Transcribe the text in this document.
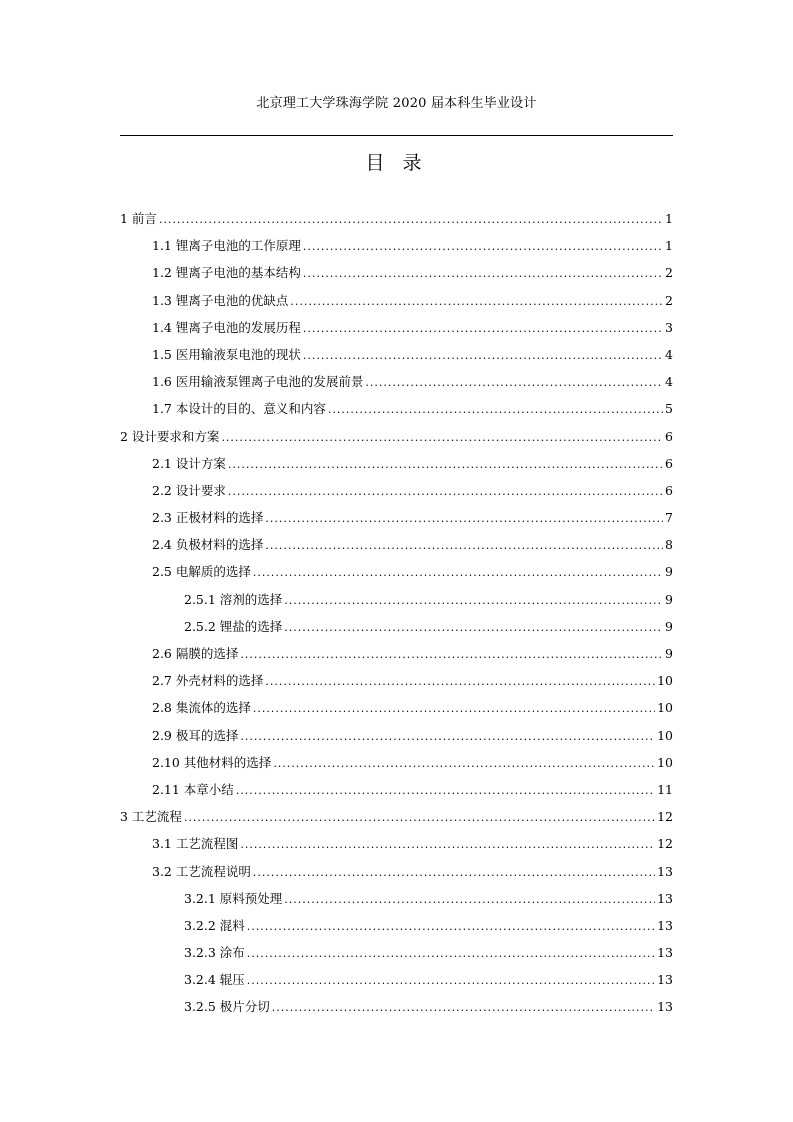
北京理工大学珠海学院 2020 届本科生毕业设计
目 录
1 前言 .....	1
1.1 锂离子电池的工作原理 .....	1
1.2 锂离子电池的基本结构 .....	2
1.3 锂离子电池的优缺点 .....	2
1.4 锂离子电池的发展历程 .....	3
1.5 医用输液泵电池的现状 .....	4
1.6 医用输液泵锂离子电池的发展前景 .....	4
1.7 本设计的目的、意义和内容 .....	5
2 设计要求和方案 .....	6
2.1 设计方案 .....	6
2.2 设计要求 .....	6
2.3 正极材料的选择 .....	7
2.4 负极材料的选择 .....	8
2.5 电解质的选择 .....	9
2.5.1 溶剂的选择 .....	9
2.5.2 锂盐的选择 .....	9
2.6 隔膜的选择 .....	9
2.7 外壳材料的选择 .....	10
2.8 集流体的选择 .....	10
2.9 极耳的选择 .....	10
2.10 其他材料的选择 .....	10
2.11 本章小结 .....	11
3 工艺流程 .....	12
3.1 工艺流程图 .....	12
3.2 工艺流程说明 .....	13
3.2.1 原料预处理 .....	13
3.2.2 混料 .....	13
3.2.3 涂布 .....	13
3.2.4 辊压 .....	13
3.2.5 极片分切 .....	13
